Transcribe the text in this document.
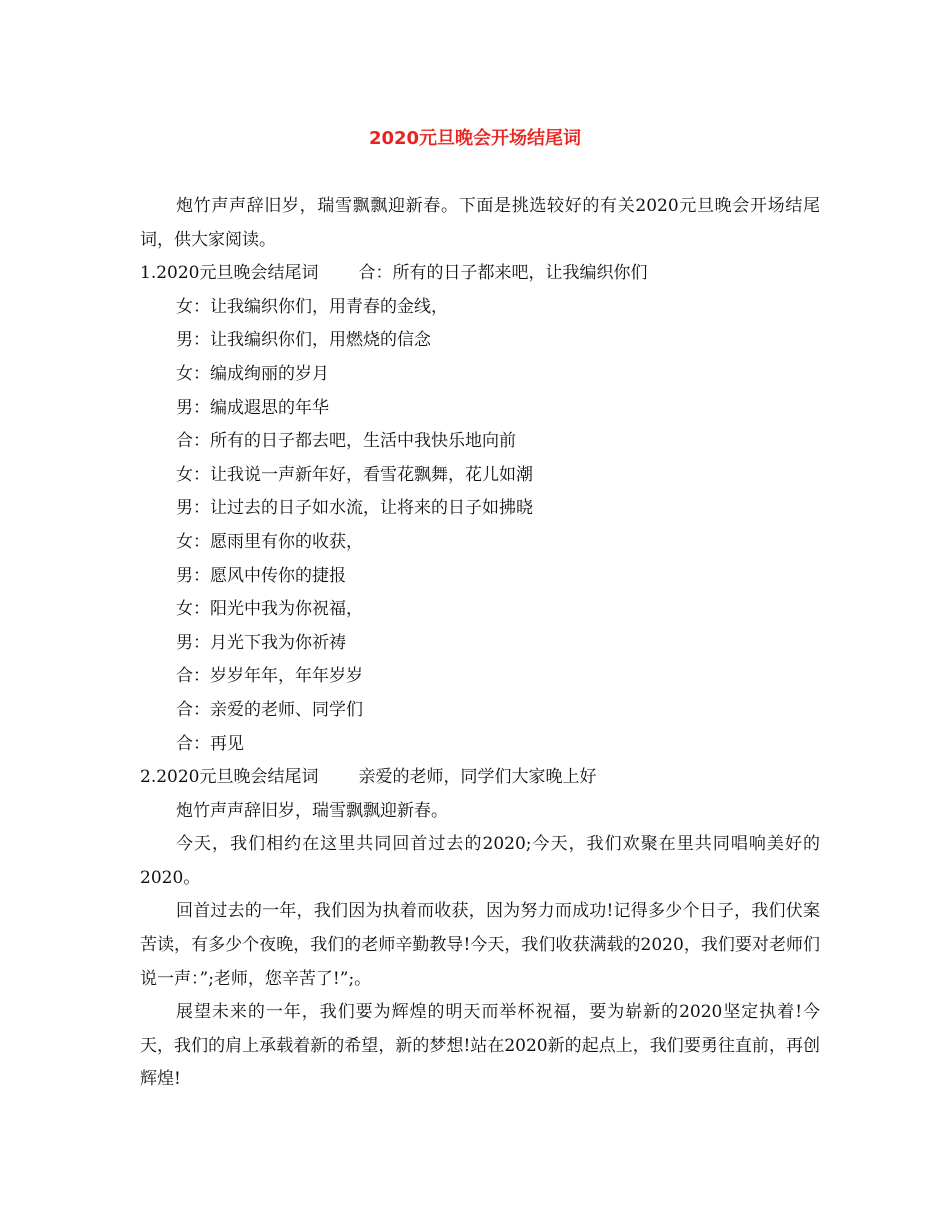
2020元旦晚会开场结尾词

炮竹声声辞旧岁，瑞雪飘飘迎新春。下面是挑选较好的有关2020元旦晚会开场结尾词，供大家阅读。

1.2020元旦晚会结尾词 合：所有的日子都来吧，让我编织你们

女：让我编织你们，用青春的金线，

男：让我编织你们，用燃烧的信念

女：编成绚丽的岁月

男：编成遐思的年华

合：所有的日子都去吧，生活中我快乐地向前

女：让我说一声新年好，看雪花飘舞，花儿如潮

男：让过去的日子如水流，让将来的日子如拂晓

女：愿雨里有你的收获，

男：愿风中传你的捷报

女：阳光中我为你祝福，

男：月光下我为你祈祷

合：岁岁年年，年年岁岁

合：亲爱的老师、同学们

合：再见

2.2020元旦晚会结尾词 亲爱的老师，同学们大家晚上好

炮竹声声辞旧岁，瑞雪飘飘迎新春。

今天，我们相约在这里共同回首过去的2020;今天，我们欢聚在里共同唱响美好的2020。

回首过去的一年，我们因为执着而收获，因为努力而成功!记得多少个日子，我们伏案苦读，有多少个夜晚，我们的老师辛勤教导!今天，我们收获满载的2020，我们要对老师们说一声：”;老师，您辛苦了!”;。

展望未来的一年，我们要为辉煌的明天而举杯祝福，要为崭新的2020坚定执着!今天，我们的肩上承载着新的希望，新的梦想!站在2020新的起点上，我们要勇往直前，再创辉煌!
